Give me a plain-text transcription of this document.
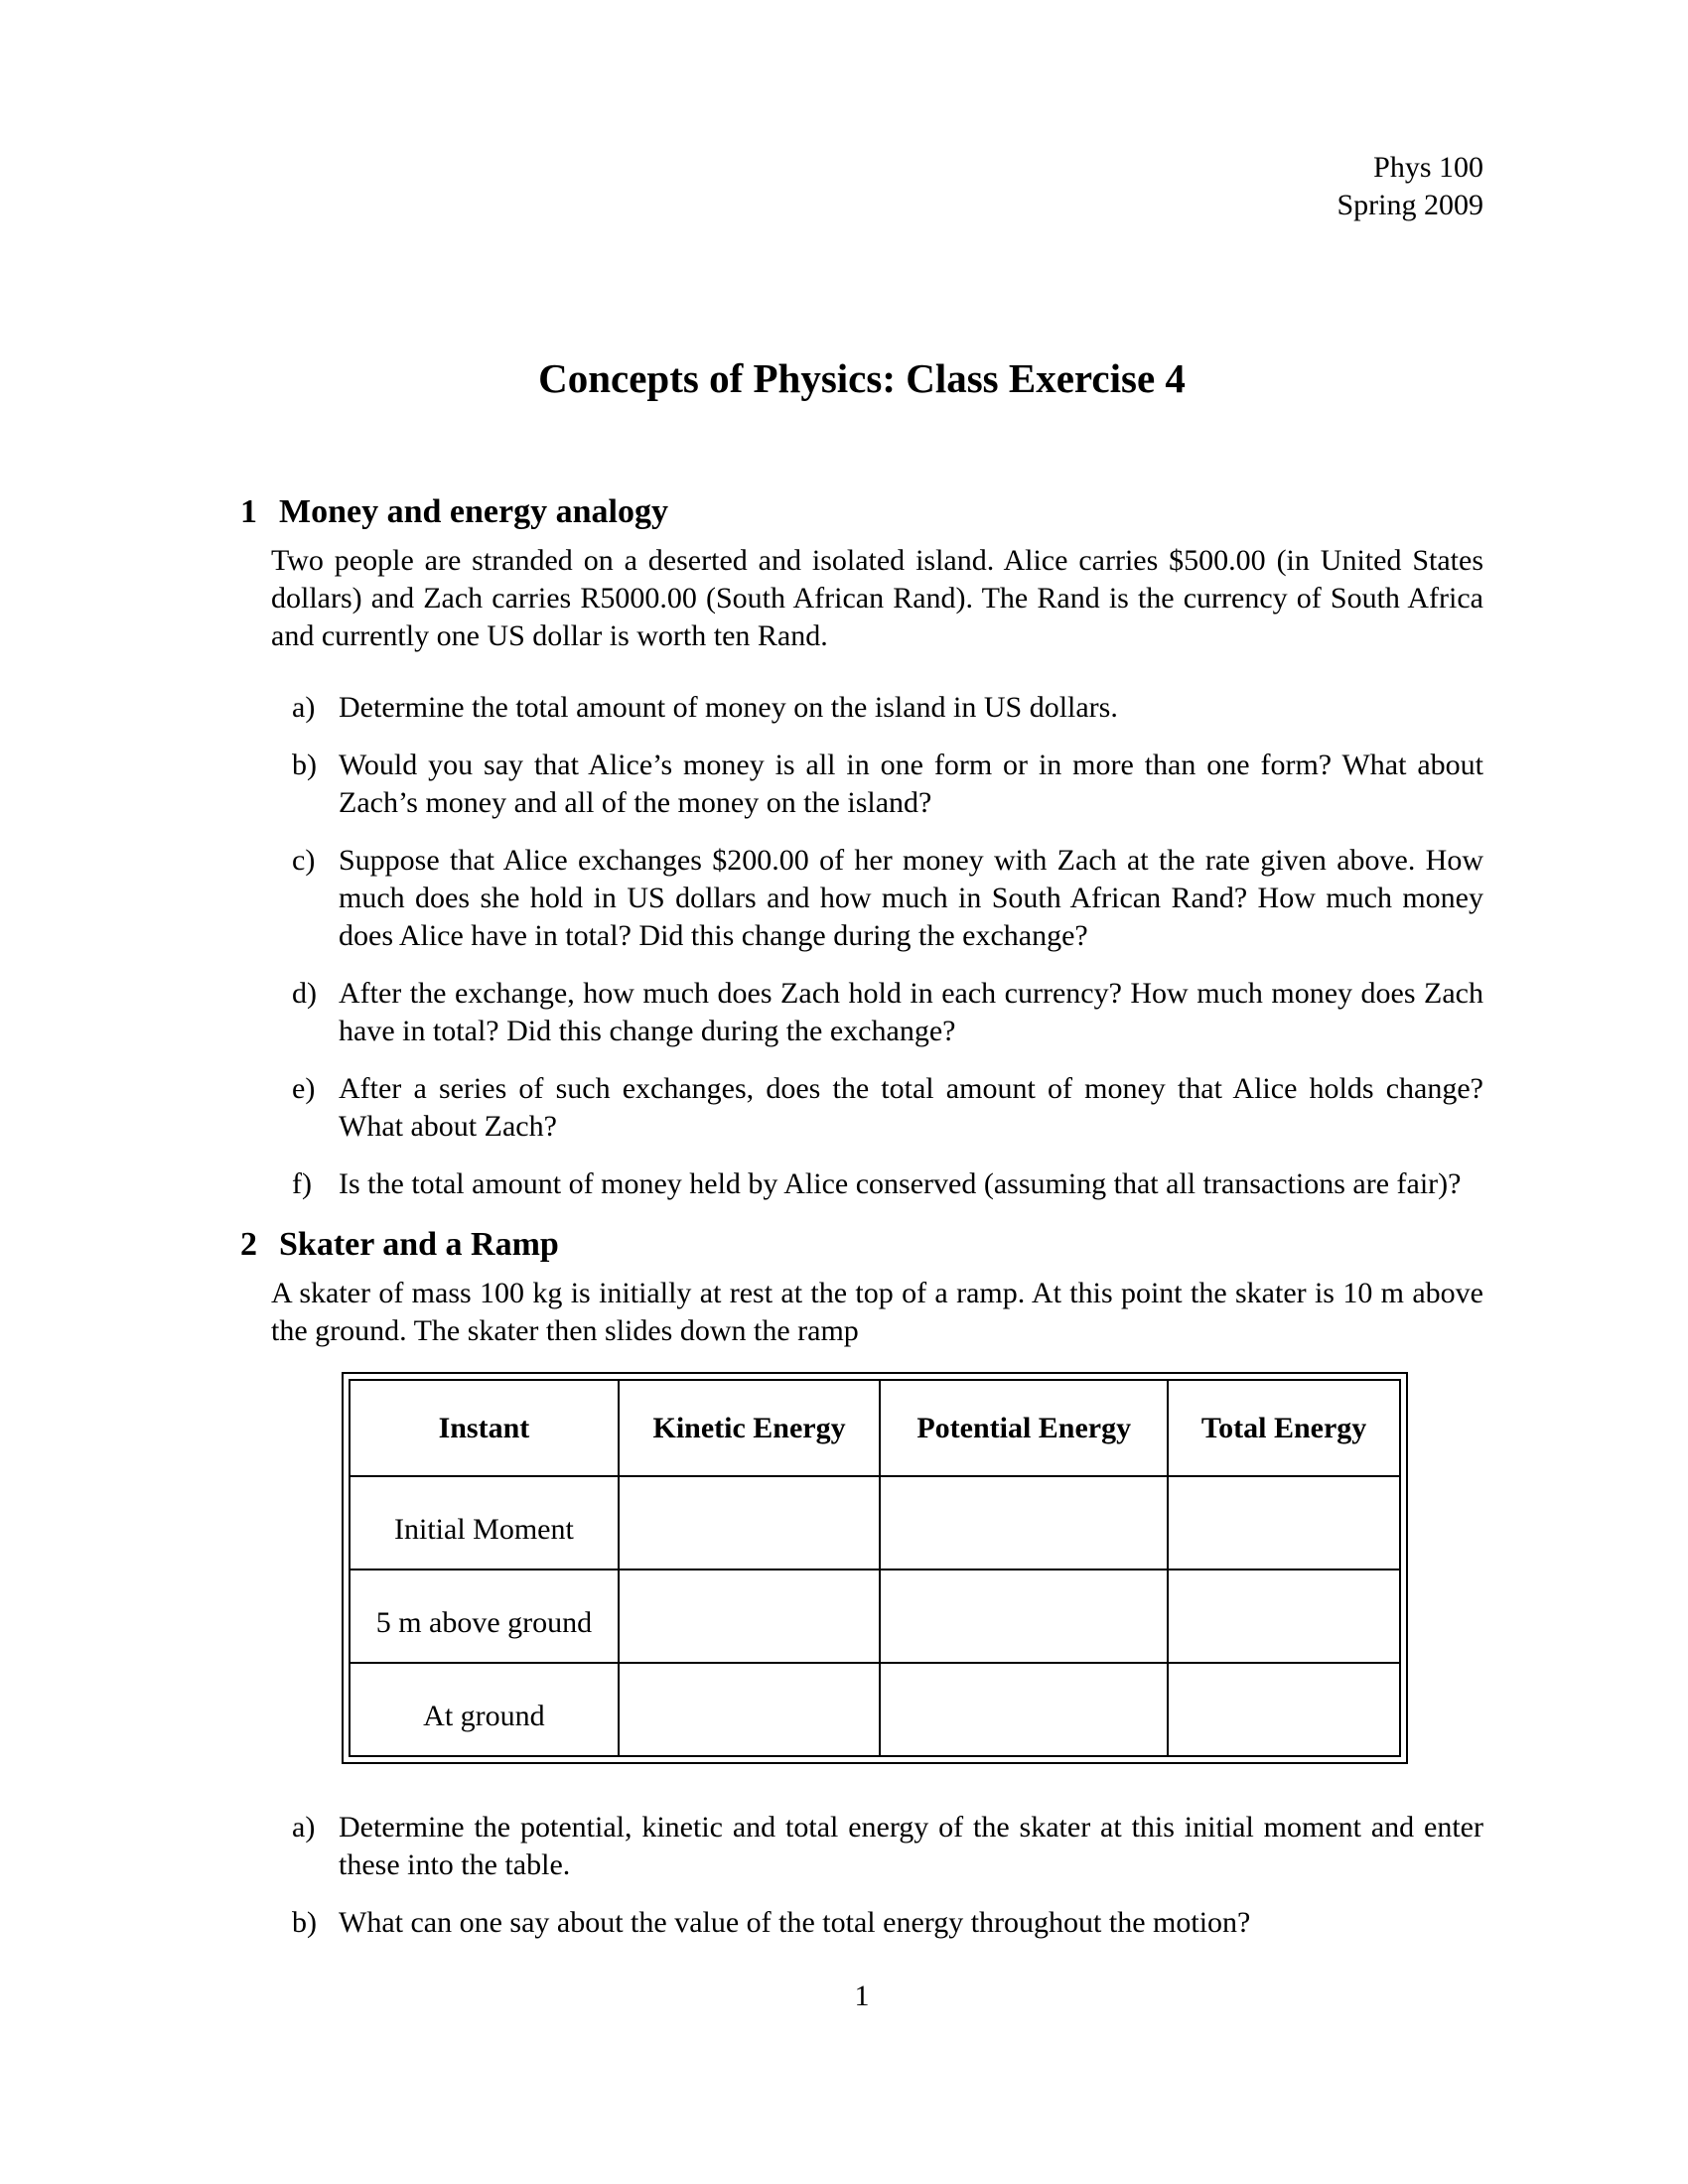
Phys 100
Spring 2009
Concepts of Physics: Class Exercise 4
1 Money and energy analogy

Two people are stranded on a deserted and isolated island. Alice carries $500.00 (in United States dollars) and Zach carries R5000.00 (South African Rand). The Rand is the currency of South Africa and currently one US dollar is worth ten Rand.

a) Determine the total amount of money on the island in US dollars.
b) Would you say that Alice’s money is all in one form or in more than one form? What about Zach’s money and all of the money on the island?
c) Suppose that Alice exchanges $200.00 of her money with Zach at the rate given above. How much does she hold in US dollars and how much in South African Rand? How much money does Alice have in total? Did this change during the exchange?
d) After the exchange, how much does Zach hold in each currency? How much money does Zach have in total? Did this change during the exchange?
e) After a series of such exchanges, does the total amount of money that Alice holds change? What about Zach?
f) Is the total amount of money held by Alice conserved (assuming that all transactions are fair)?
2 Skater and a Ramp

A skater of mass 100 kg is initially at rest at the top of a ramp. At this point the skater is 10 m above the ground. The skater then slides down the ramp

Instant	Kinetic Energy	Potential Energy	Total Energy
Initial Moment			
5 m above ground			
At ground			
a) Determine the potential, kinetic and total energy of the skater at this initial moment and enter these into the table.
b) What can one say about the value of the total energy throughout the motion?
1
